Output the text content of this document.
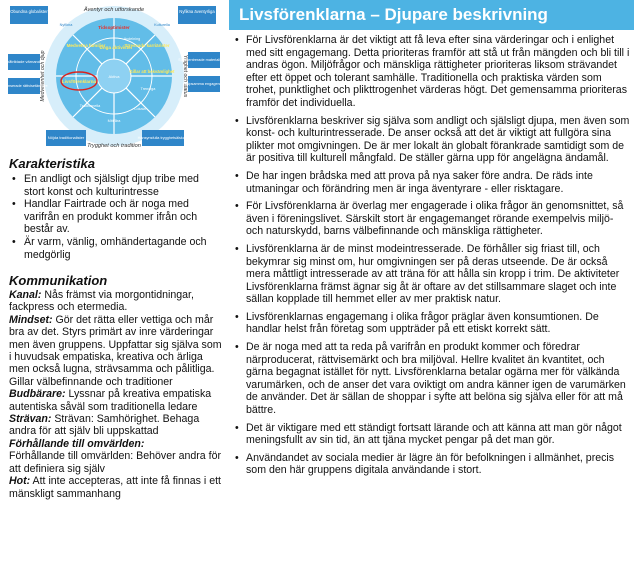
Äventyr och utforskande
Trygghet och tradition
Medvetenhet och djup	Ytlighet och status
Tidsoptimister
Medvetna familjer
Unga aktivister
Stressade karriärister
Livsförenklarna
Gillar att bekvämlighet
Aktiva
Avdelning
Trendiga
Traditionella
Mittfåra
Lokala
Obundna globalister	Nyfikna äventyrliga
Inåtriktade värnande	Självcentrerade materialistiska
Balanserade rättvisetänkare	Hjälpsamma engagerade
Nöjda traditionalister	Hänsynsfulla trygghetsälskare
Nyfikna	Kulturella
Karakteristika
• En andligt och själsligt djup tribe med stort konst och kulturintresse
• Handlar Fairtrade och är noga med varifrån en produkt kommer ifrån och består av.
• Är varm, vänlig, omhändertagande och medgörlig
Kommunikation

Kanal: Nås främst via morgontidningar, fackpress och etermedia.

Mindset: Gör det rätta eller vettiga och mår bra av det. Styrs primärt av inre värderingar men även gruppens. Uppfattar sig själva som i huvudsak empatiska, kreativa och ärliga men också lugna, strävsamma och pålitliga. Gillar välbefinnande och traditioner

Budbärare: Lyssnar på kreativa empatiska autentiska såväl som traditionella ledare

Strävan: Strävan: Samhörighet. Behaga andra för att själv bli uppskattad

Förhållande till omvärlden:

Förhållande till omvärlden: Behöver andra för att definiera sig själv

Hot: Att inte accepteras, att inte få finnas i ett mänskligt sammanhang

Livsförenklarna – Djupare beskrivning
• För Livsförenklarna är det viktigt att få leva efter sina värderingar och i enlighet med sitt engagemang. Detta prioriteras framför att stå ut från mängden och bli till i andras ögon. Miljöfrågor och mänskliga rättigheter prioriteras liksom strävandet efter ett öppet och tolerant samhälle. Traditionella och praktiska värden som trohet, punktlighet och plikttrogenhet värderas högt. Det gemensamma prioriteras framför det individuella.
• Livsförenklarna beskriver sig själva som andligt och själsligt djupa, men även som konst- och kulturintresserade. De anser också att det är viktigt att fullgöra sina plikter mot omgivningen. De är mer lokalt än globalt förankrade samtidigt som de är positiva till kulturell mångfald. De ställer gärna upp för angelägna ändamål.
• De har ingen brådska med att prova på nya saker före andra. De räds inte utmaningar och förändring men är inga äventyrare - eller risktagare.
• För Livsförenklarna är överlag mer engagerade i olika frågor än genomsnittet, så även i föreningslivet. Särskilt stort är engagemanget rörande exempelvis miljö- och naturskydd, barns välbefinnande och mänskliga rättigheter.
• Livsförenklarna är de minst modeintresserade. De förhåller sig friast till, och bekymrar sig minst om, hur omgivningen ser på deras utseende. De är också mera måttligt intresserade av att träna för att hålla sin kropp i trim. De aktiviteter Livsförenklarna främst ägnar sig åt är oftare av det stillsammare slaget och inte sällan kopplade till hemmet eller av mer praktisk natur.
• Livsförenklarnas engagemang i olika frågor präglar även konsumtionen. De handlar helst från företag som uppträder på ett etiskt korrekt sätt.
• De är noga med att ta reda på varifrån en produkt kommer och föredrar närproducerat, rättvisemärkt och bra miljöval. Hellre kvalitet än kvantitet, och gärna begagnat istället för nytt. Livsförenklarna betalar ogärna mer för välkända varumärken, och de anser det vara oviktigt om andra känner igen de varumärken de använder. Det är sällan de shoppar i syfte att belöna sig själva eller för att må bättre.
• Det är viktigare med ett ständigt fortsatt lärande och att känna att man gör något meningsfullt av sin tid, än att tjäna mycket pengar på det man gör.
• Användandet av sociala medier är lägre än för befolkningen i allmänhet, precis som den här gruppens digitala användande i stort.
